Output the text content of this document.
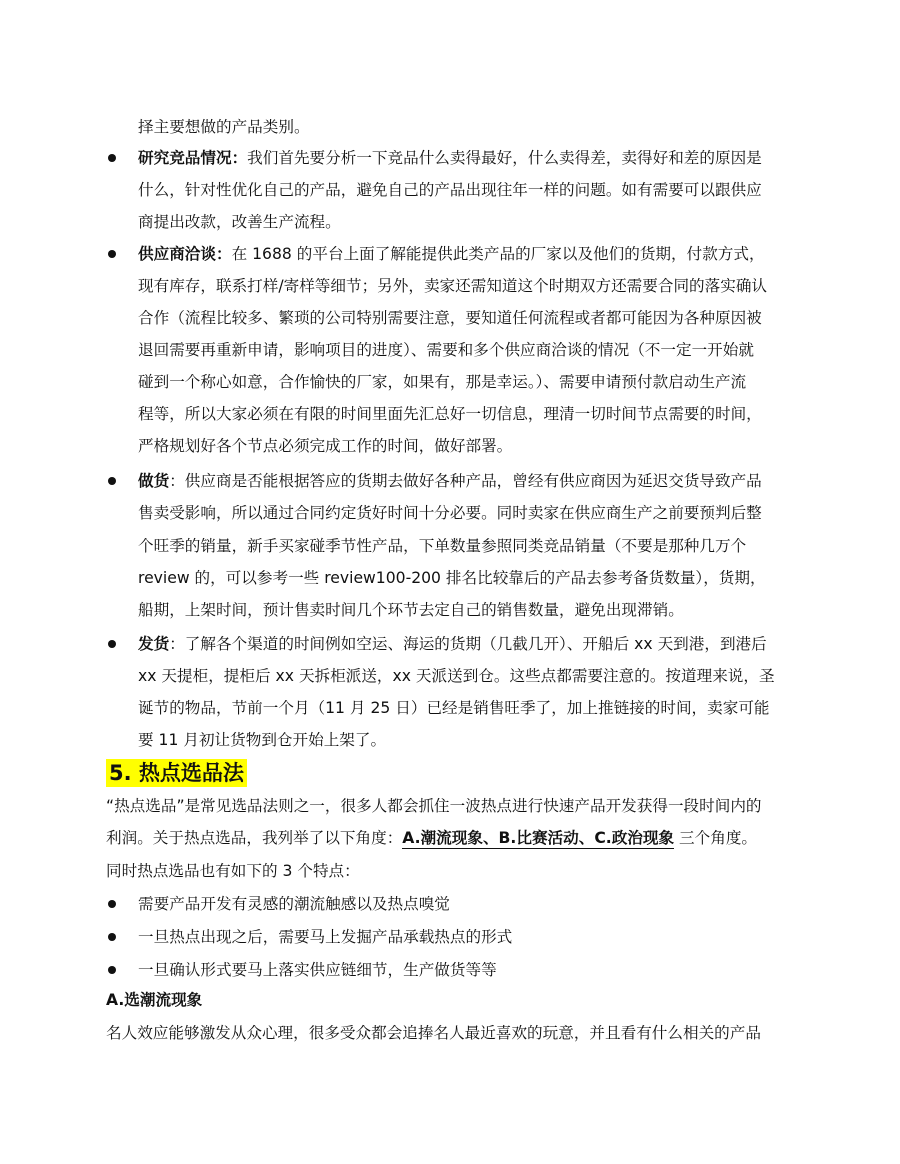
择主要想做的产品类别。
研究竞品情况：我们首先要分析一下竞品什么卖得最好，什么卖得差，卖得好和差的原因是
什么，针对性优化自己的产品，避免自己的产品出现往年一样的问题。如有需要可以跟供应
商提出改款，改善生产流程。
供应商洽谈：在 1688 的平台上面了解能提供此类产品的厂家以及他们的货期，付款方式，
现有库存，联系打样/寄样等细节；另外，卖家还需知道这个时期双方还需要合同的落实确认
合作（流程比较多、繁琐的公司特别需要注意，要知道任何流程或者都可能因为各种原因被
退回需要再重新申请，影响项目的进度）、需要和多个供应商洽谈的情况（不一定一开始就
碰到一个称心如意，合作愉快的厂家，如果有，那是幸运。）、需要申请预付款启动生产流
程等，所以大家必须在有限的时间里面先汇总好一切信息，理清一切时间节点需要的时间，
严格规划好各个节点必须完成工作的时间，做好部署。
做货：供应商是否能根据答应的货期去做好各种产品，曾经有供应商因为延迟交货导致产品
售卖受影响，所以通过合同约定货好时间十分必要。同时卖家在供应商生产之前要预判后整
个旺季的销量，新手买家碰季节性产品，下单数量参照同类竞品销量（不要是那种几万个
review 的，可以参考一些 review100-200 排名比较靠后的产品去参考备货数量），货期，
船期，上架时间，预计售卖时间几个环节去定自己的销售数量，避免出现滞销。
发货：了解各个渠道的时间例如空运、海运的货期（几截几开）、开船后 xx 天到港，到港后
xx 天提柜，提柜后 xx 天拆柜派送，xx 天派送到仓。这些点都需要注意的。按道理来说，圣
诞节的物品，节前一个月（11 月 25 日）已经是销售旺季了，加上推链接的时间，卖家可能
要 11 月初让货物到仓开始上架了。
5. 热点选品法
“热点选品”是常见选品法则之一，很多人都会抓住一波热点进行快速产品开发获得一段时间内的
利润。关于热点选品，我列举了以下角度：A.潮流现象、B.比赛活动、C.政治现象 三个角度。
同时热点选品也有如下的 3 个特点：
需要产品开发有灵感的潮流触感以及热点嗅觉
一旦热点出现之后，需要马上发掘产品承载热点的形式
一旦确认形式要马上落实供应链细节，生产做货等等
A.选潮流现象
名人效应能够激发从众心理，很多受众都会追捧名人最近喜欢的玩意，并且看有什么相关的产品
